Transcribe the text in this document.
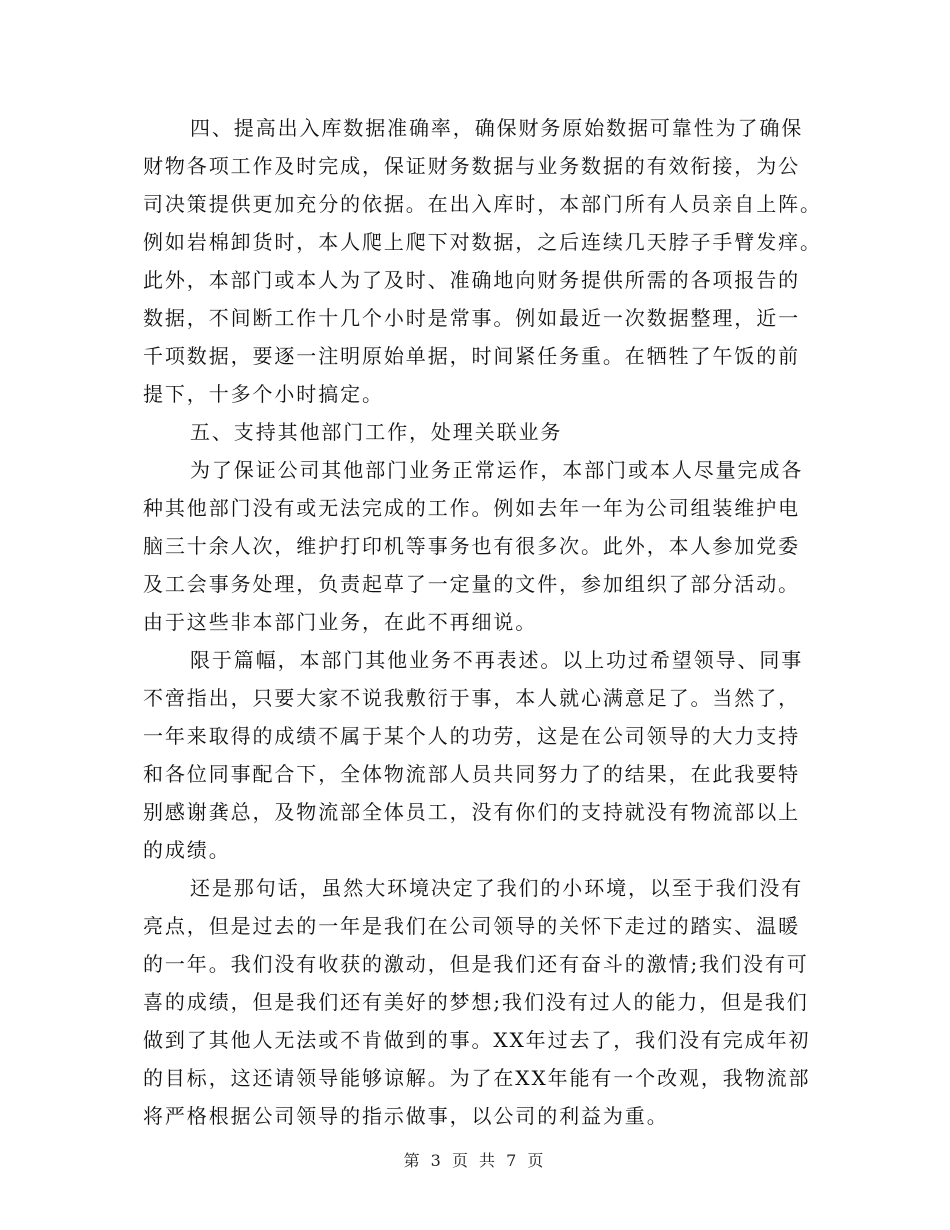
四、提高出入库数据准确率，确保财务原始数据可靠性为了确保
财物各项工作及时完成，保证财务数据与业务数据的有效衔接，为公
司决策提供更加充分的依据。在出入库时，本部门所有人员亲自上阵。
例如岩棉卸货时，本人爬上爬下对数据，之后连续几天脖子手臂发痒。
此外，本部门或本人为了及时、准确地向财务提供所需的各项报告的
数据，不间断工作十几个小时是常事。例如最近一次数据整理，近一
千项数据，要逐一注明原始单据，时间紧任务重。在牺牲了午饭的前
提下，十多个小时搞定。
五、支持其他部门工作，处理关联业务
为了保证公司其他部门业务正常运作，本部门或本人尽量完成各
种其他部门没有或无法完成的工作。例如去年一年为公司组装维护电
脑三十余人次，维护打印机等事务也有很多次。此外，本人参加党委
及工会事务处理，负责起草了一定量的文件，参加组织了部分活动。
由于这些非本部门业务，在此不再细说。
限于篇幅，本部门其他业务不再表述。以上功过希望领导、同事
不啻指出，只要大家不说我敷衍于事，本人就心满意足了。当然了，
一年来取得的成绩不属于某个人的功劳，这是在公司领导的大力支持
和各位同事配合下，全体物流部人员共同努力了的结果，在此我要特
别感谢龚总，及物流部全体员工，没有你们的支持就没有物流部以上
的成绩。
还是那句话，虽然大环境决定了我们的小环境，以至于我们没有
亮点，但是过去的一年是我们在公司领导的关怀下走过的踏实、温暖
的一年。我们没有收获的激动，但是我们还有奋斗的激情;我们没有可
喜的成绩，但是我们还有美好的梦想;我们没有过人的能力，但是我们
做到了其他人无法或不肯做到的事。XX年过去了，我们没有完成年初
的目标，这还请领导能够谅解。为了在XX年能有一个改观，我物流部
将严格根据公司领导的指示做事，以公司的利益为重。
第 3 页 共 7 页
